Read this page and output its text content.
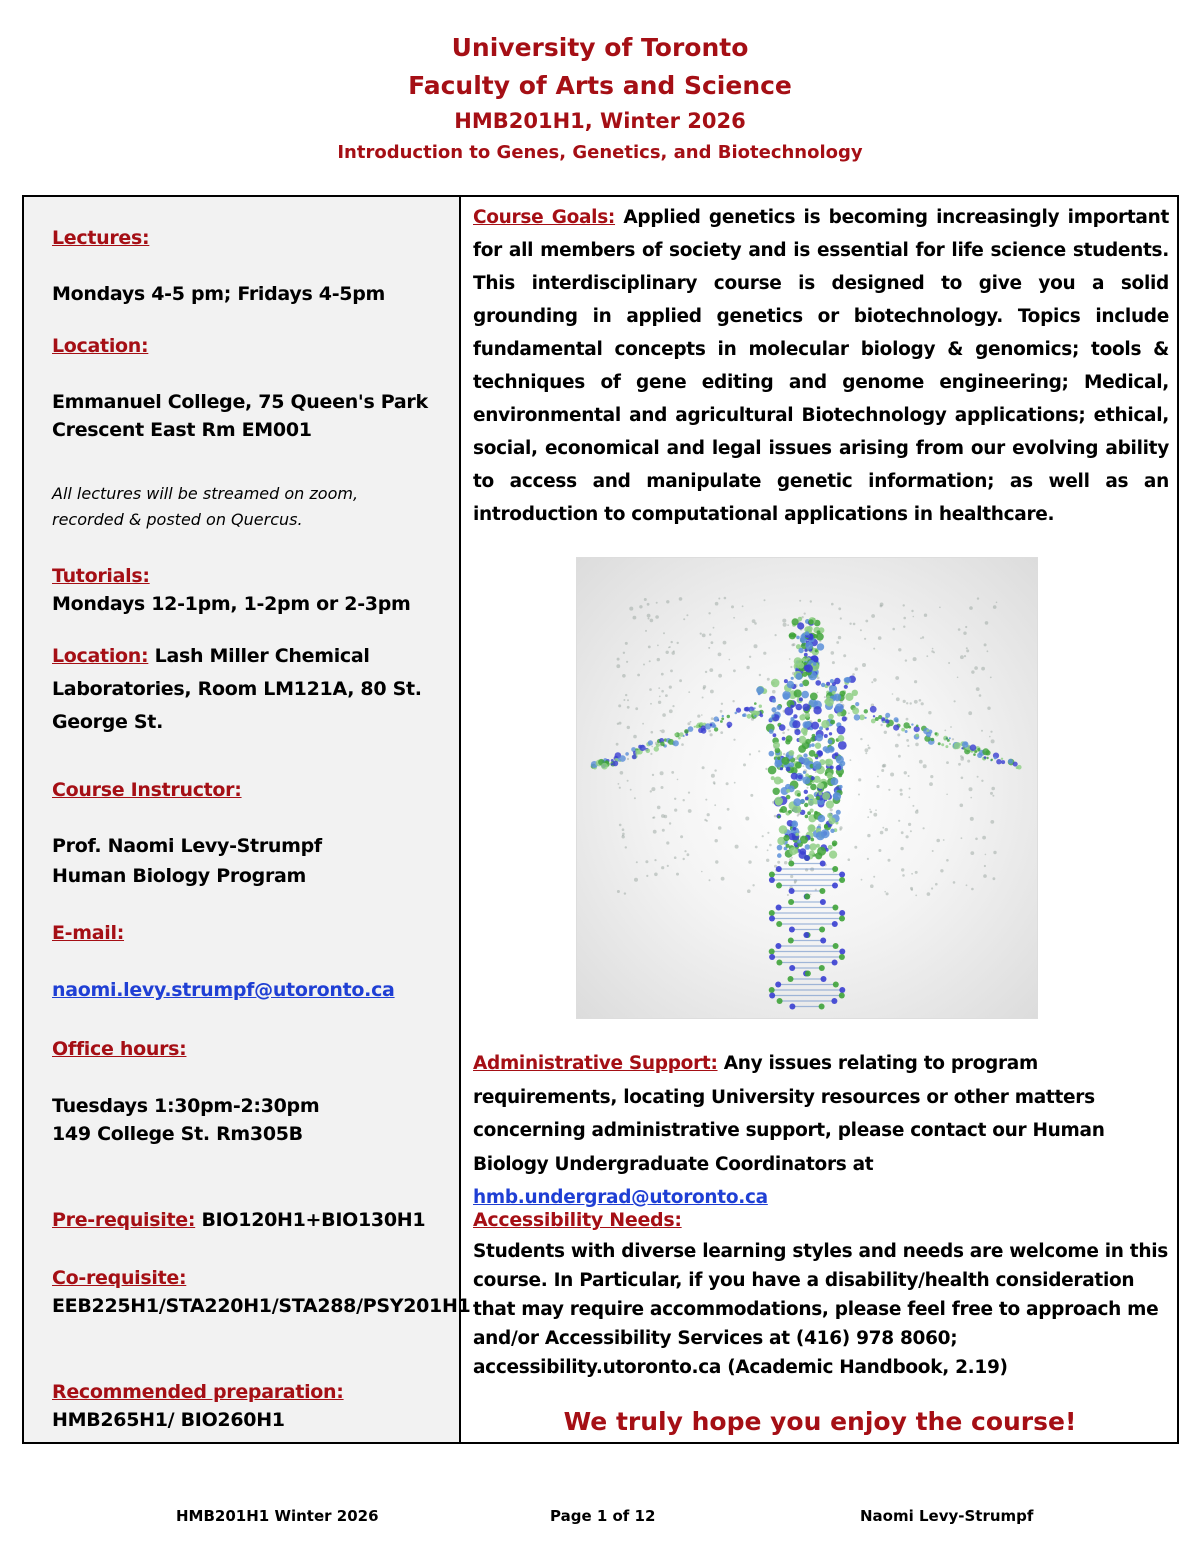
University of Toronto
Faculty of Arts and Science
HMB201H1, Winter 2026
Introduction to Genes, Genetics, and Biotechnology
Lectures:
Mondays 4-5 pm; Fridays 4-5pm
Location:
Emmanuel College, 75 Queen's Park
Crescent East Rm EM001
All lectures will be streamed on zoom,
recorded & posted on Quercus.
Tutorials:
Mondays 12-1pm, 1-2pm or 2-3pm
Location: Lash Miller Chemical
Laboratories, Room LM121A, 80 St.
George St.
Course Instructor:
Prof. Naomi Levy-Strumpf
Human Biology Program
E-mail:
naomi.levy.strumpf@utoronto.ca
Office hours:
Tuesdays 1:30pm-2:30pm
149 College St. Rm305B
Pre-requisite: BIO120H1+BIO130H1
Co-requisite:
EEB225H1/STA220H1/STA288/PSY201H1
Recommended preparation:
HMB265H1/ BIO260H1
Course Goals: Applied genetics is becoming increasingly important for all members of society and is essential for life science students. This interdisciplinary course is designed to give you a solid grounding in applied genetics or biotechnology. Topics include fundamental concepts in molecular biology & genomics; tools & techniques of gene editing and genome engineering; Medical, environmental and agricultural Biotechnology applications; ethical, social, economical and legal issues arising from our evolving ability to access and manipulate genetic information; as well as an introduction to computational applications in healthcare.
Administrative Support: Any issues relating to program requirements, locating University resources or other matters concerning administrative support, please contact our Human Biology Undergraduate Coordinators at hmb.undergrad@utoronto.ca
Accessibility Needs:
Students with diverse learning styles and needs are welcome in this course. In Particular, if you have a disability/health consideration that may require accommodations, please feel free to approach me and/or Accessibility Services at (416) 978 8060; accessibility.utoronto.ca (Academic Handbook, 2.19)
We truly hope you enjoy the course!
HMB201H1 Winter 2026	Page 1 of 12	Naomi Levy-Strumpf
